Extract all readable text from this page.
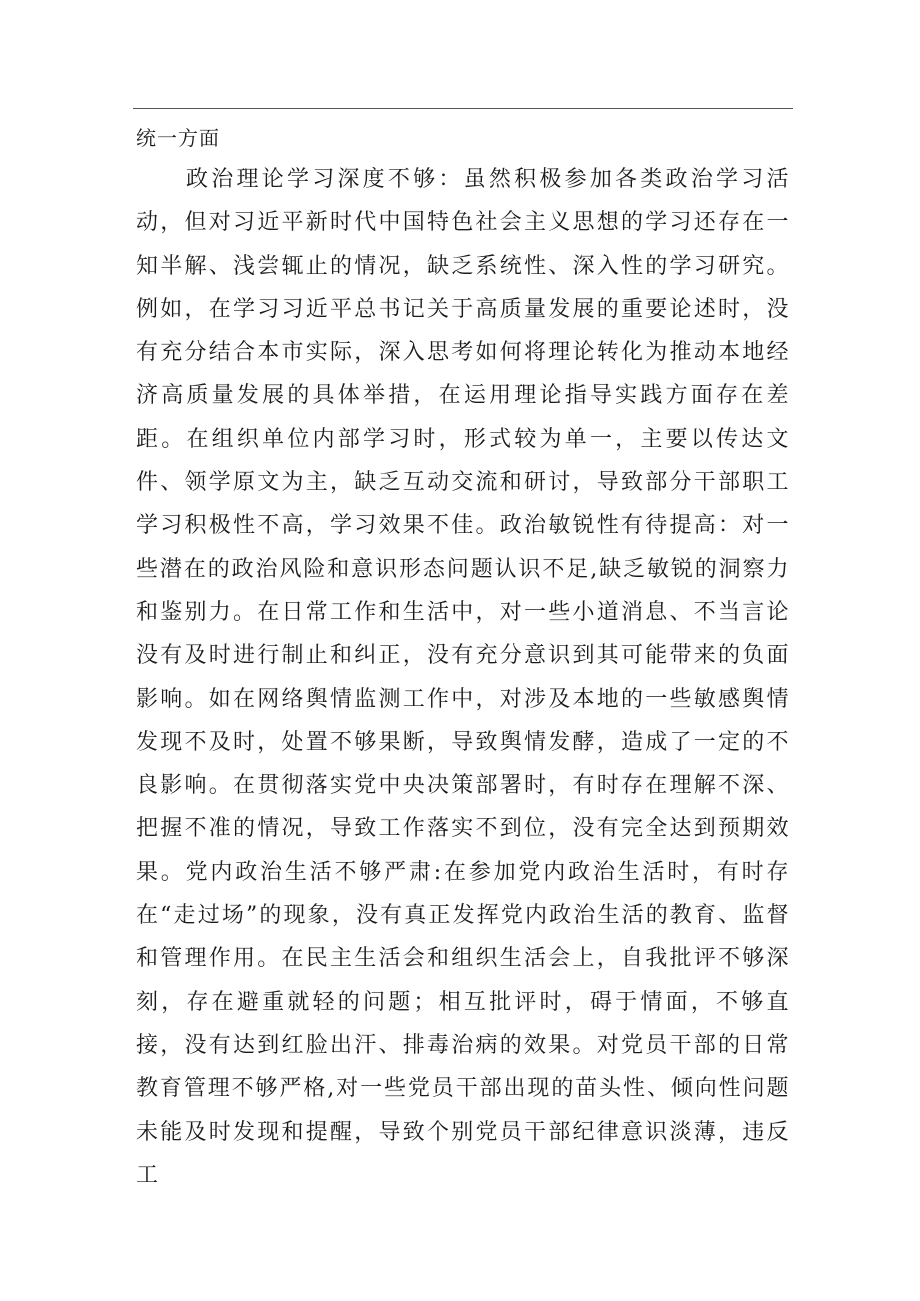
统一方面

政治理论学习深度不够：虽然积极参加各类政治学习活动，但对习近平新时代中国特色社会主义思想的学习还存在一知半解、浅尝辄止的情况，缺乏系统性、深入性的学习研究。例如，在学习习近平总书记关于高质量发展的重要论述时，没有充分结合本市实际，深入思考如何将理论转化为推动本地经济高质量发展的具体举措，在运用理论指导实践方面存在差距。在组织单位内部学习时，形式较为单一，主要以传达文件、领学原文为主，缺乏互动交流和研讨，导致部分干部职工学习积极性不高，学习效果不佳。政治敏锐性有待提高：对一些潜在的政治风险和意识形态问题认识不足,缺乏敏锐的洞察力和鉴别力。在日常工作和生活中，对一些小道消息、不当言论没有及时进行制止和纠正，没有充分意识到其可能带来的负面影响。如在网络舆情监测工作中，对涉及本地的一些敏感舆情发现不及时，处置不够果断，导致舆情发酵，造成了一定的不良影响。在贯彻落实党中央决策部署时，有时存在理解不深、把握不准的情况，导致工作落实不到位，没有完全达到预期效果。党内政治生活不够严肃:在参加党内政治生活时，有时存在“走过场”的现象，没有真正发挥党内政治生活的教育、监督和管理作用。在民主生活会和组织生活会上，自我批评不够深刻，存在避重就轻的问题；相互批评时，碍于情面，不够直接，没有达到红脸出汗、排毒治病的效果。对党员干部的日常教育管理不够严格,对一些党员干部出现的苗头性、倾向性问题未能及时发现和提醒，导致个别党员干部纪律意识淡薄，违反工
